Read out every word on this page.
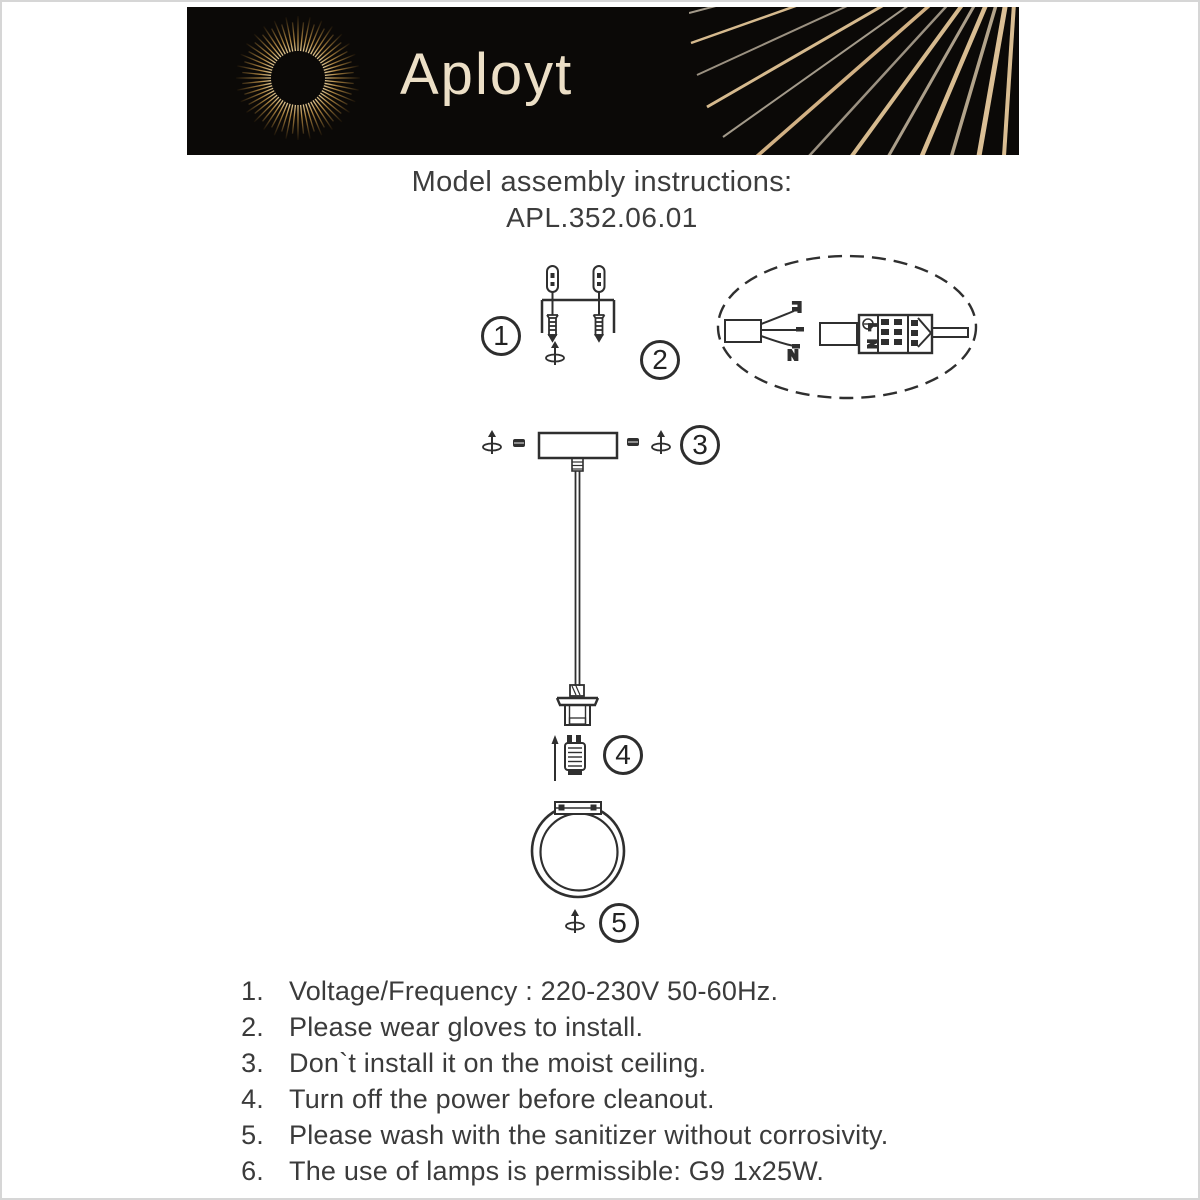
Aployt
Model assembly instructions:
APL.352.06.01
L
N
L
N
1
2
3
4
5
1. Voltage/Frequency : 220-230V 50-60Hz.
2. Please wear gloves to install.
3. Don`t install it on the moist ceiling.
4. Turn off the power before cleanout.
5. Please wash with the sanitizer without corrosivity.
6. The use of lamps is permissible: G9 1x25W.
